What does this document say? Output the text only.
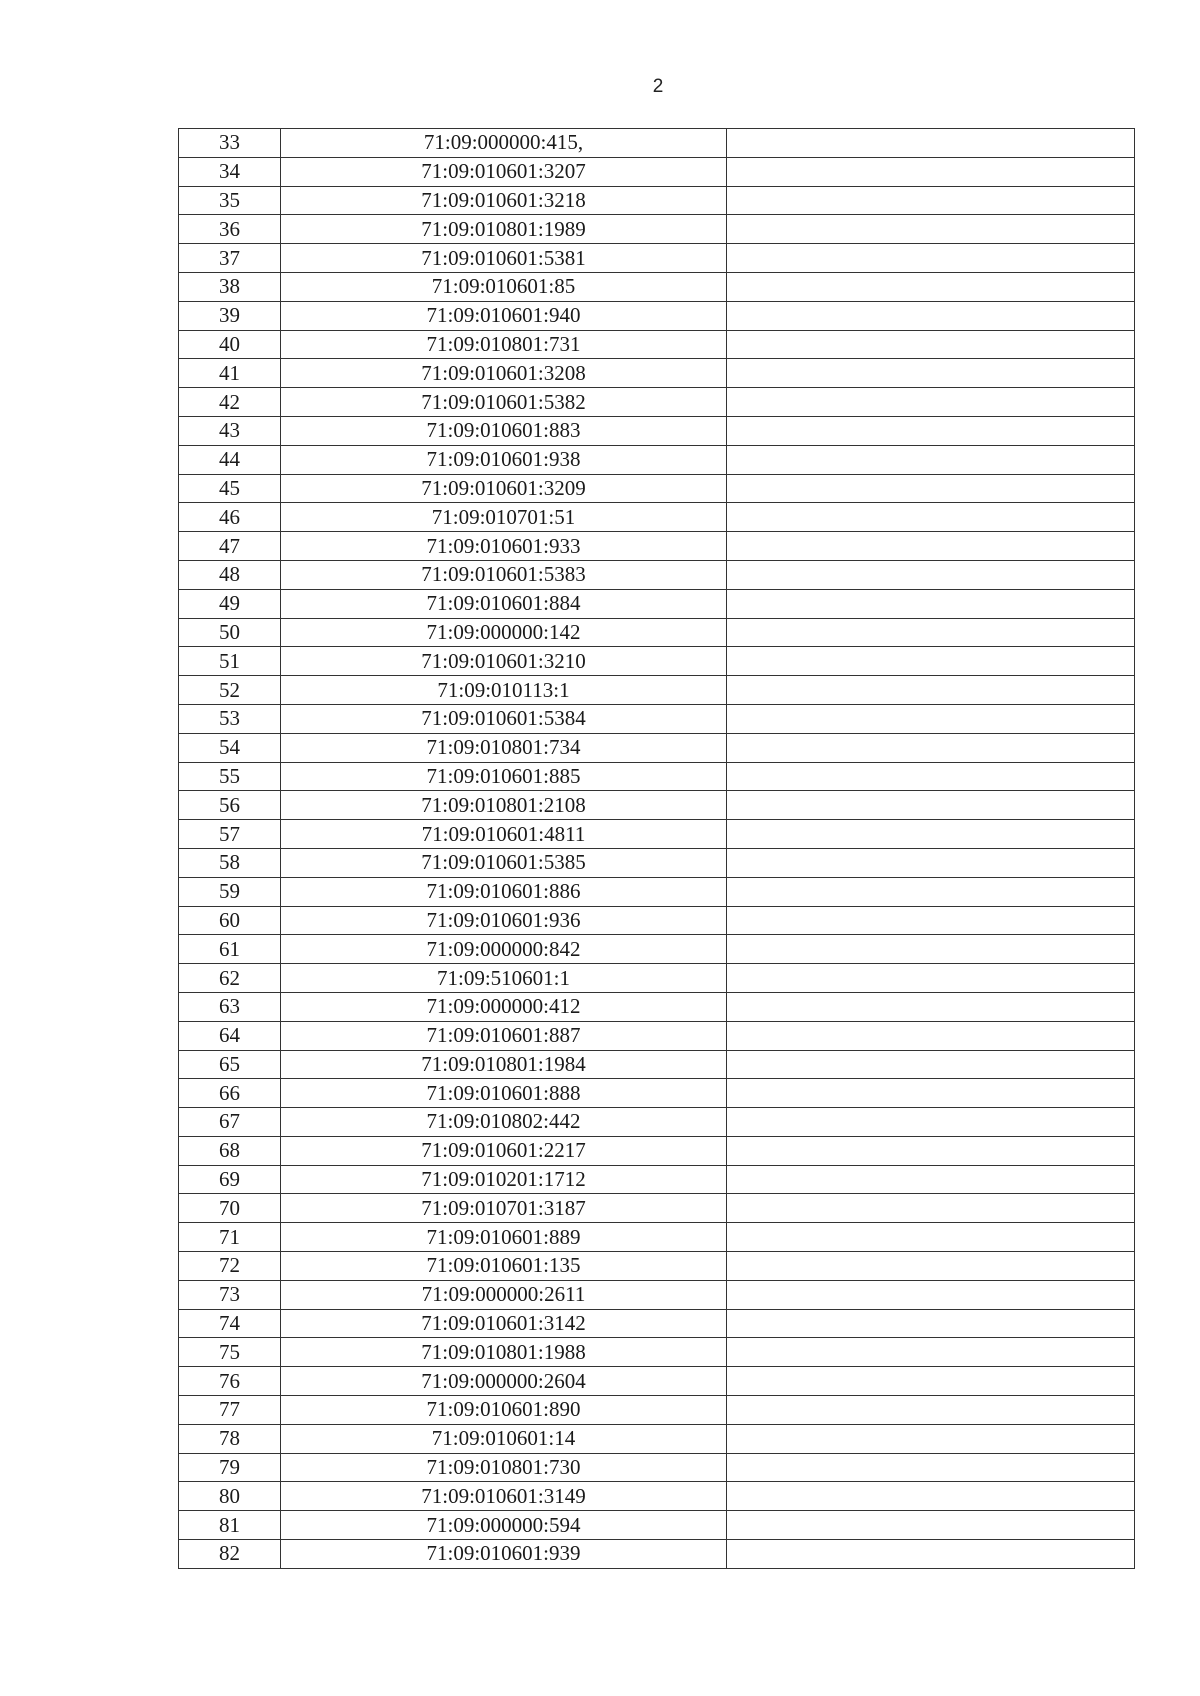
2
33	71:09:000000:415,	
34	71:09:010601:3207	
35	71:09:010601:3218	
36	71:09:010801:1989	
37	71:09:010601:5381	
38	71:09:010601:85	
39	71:09:010601:940	
40	71:09:010801:731	
41	71:09:010601:3208	
42	71:09:010601:5382	
43	71:09:010601:883	
44	71:09:010601:938	
45	71:09:010601:3209	
46	71:09:010701:51	
47	71:09:010601:933	
48	71:09:010601:5383	
49	71:09:010601:884	
50	71:09:000000:142	
51	71:09:010601:3210	
52	71:09:010113:1	
53	71:09:010601:5384	
54	71:09:010801:734	
55	71:09:010601:885	
56	71:09:010801:2108	
57	71:09:010601:4811	
58	71:09:010601:5385	
59	71:09:010601:886	
60	71:09:010601:936	
61	71:09:000000:842	
62	71:09:510601:1	
63	71:09:000000:412	
64	71:09:010601:887	
65	71:09:010801:1984	
66	71:09:010601:888	
67	71:09:010802:442	
68	71:09:010601:2217	
69	71:09:010201:1712	
70	71:09:010701:3187	
71	71:09:010601:889	
72	71:09:010601:135	
73	71:09:000000:2611	
74	71:09:010601:3142	
75	71:09:010801:1988	
76	71:09:000000:2604	
77	71:09:010601:890	
78	71:09:010601:14	
79	71:09:010801:730	
80	71:09:010601:3149	
81	71:09:000000:594	
82	71:09:010601:939	
